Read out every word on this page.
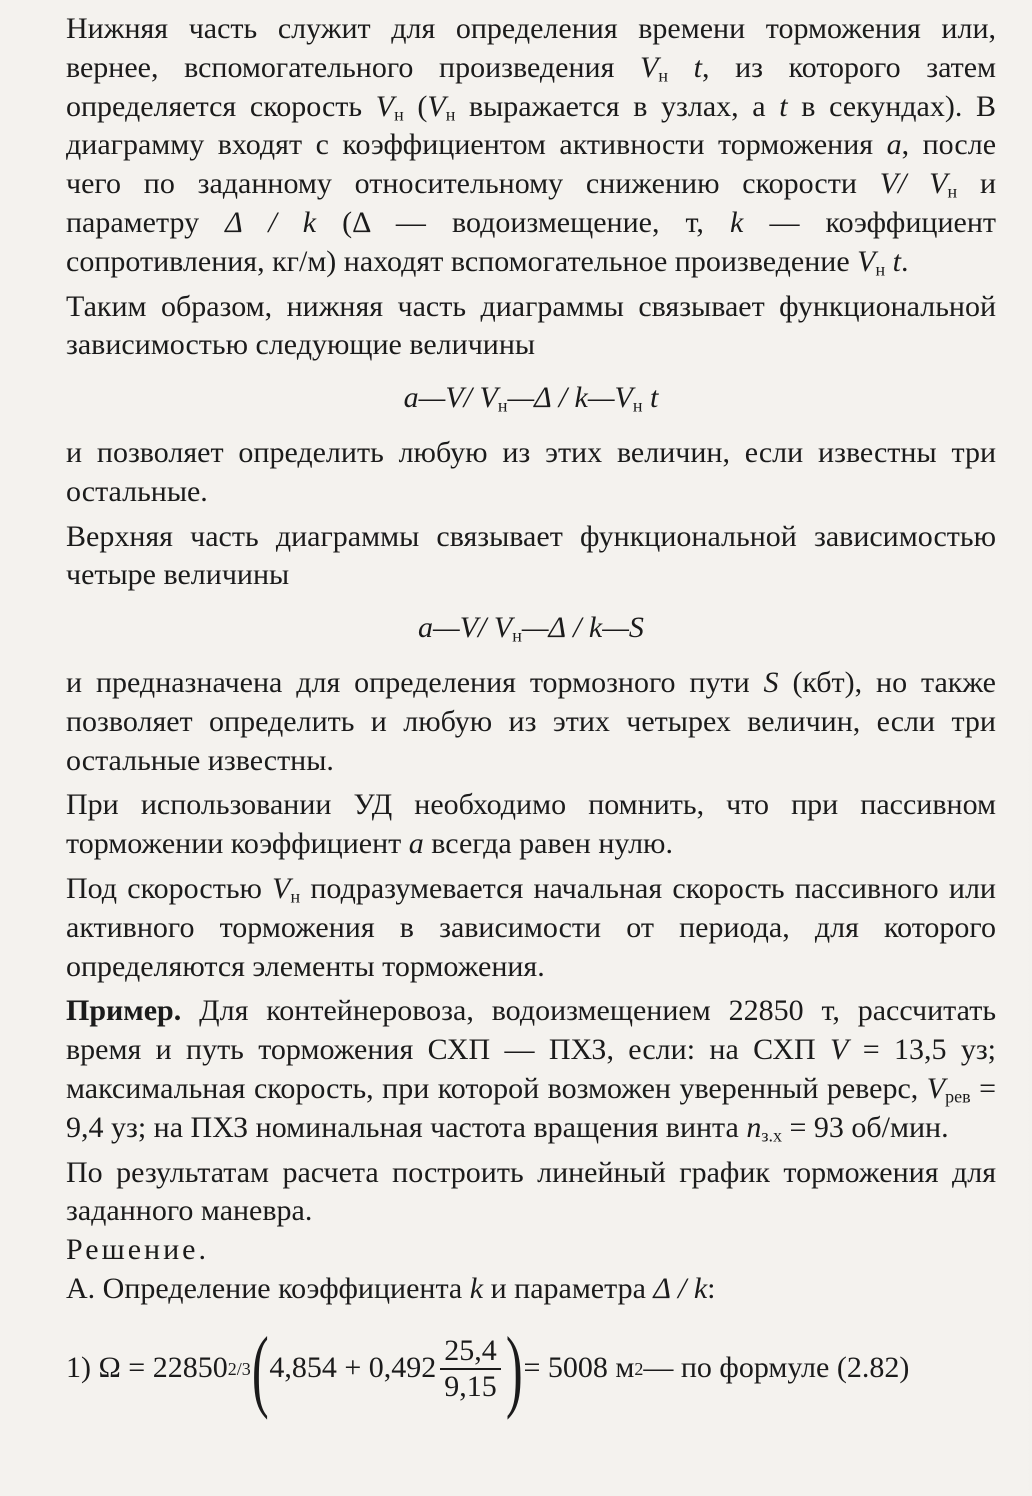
Нижняя часть служит для определения времени торможения или, вернее, вспомогательного произведения $V_н$ t, из которого затем определяется скорость $V_н$ ($V_н$ выражается в узлах, а t в секундах). В диаграмму входят с коэффициентом активности торможения a, после чего по заданному относительному снижению скорости V/ $V_н$ и параметру Δ / k (Δ — водоизмещение, т, k — коэффициент сопротивления, кг/м) находят вспомогательное произведение $V_н$ t.

Таким образом, нижняя часть диаграммы связывает функциональной зависимостью следующие величины

a—V/ $V_н—\Delta$ / $k—V_н$ t

и позволяет определить любую из этих величин, если известны три остальные.

Верхняя часть диаграммы связывает функциональной зависимостью четыре величины

a—V/ $V_н—\Delta$ / k—S

и предназначена для определения тормозного пути S (кбт), но также позволяет определить и любую из этих четырех величин, если три остальные известны.

При использовании УД необходимо помнить, что при пассивном торможении коэффициент a всегда равен нулю.

Под скоростью $V_н$ подразумевается начальная скорость пассивного или активного торможения в зависимости от периода, для которого определяются элементы торможения.

Пример. Для контейнеровоза, водоизмещением 22850 т, рассчитать время и путь торможения СХП — ПХЗ, если: на СХП V = 13,5 уз; максимальная скорость, при которой возможен уверенный реверс, $V_{рев} = 9,4$ уз; на ПХЗ номинальная частота вращения винта $n_{з.х} = 93$ об/мин.

По результатам расчета построить линейный график торможения для заданного маневра.

Решение.

А. Определение коэффициента k и параметра Δ / k:

1) Ω = 22850 2/3 ( $4,854 + 0,492 \frac{25,4}{9,15}$ ) = 5008 м 2 — по формуле (2.82)
